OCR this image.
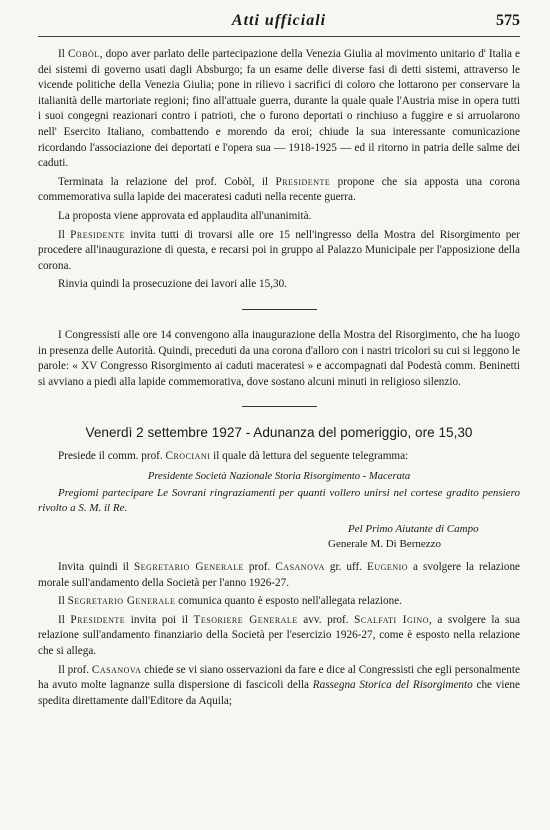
Atti ufficiali	575

Il Cobòl, dopo aver parlato delle partecipazione della Venezia Giulia al movimento unitario d' Italia e dei sistemi di governo usati dagli Absburgo; fa un esame delle diverse fasi di detti sistemi, attraverso le vicende politiche della Venezia Giulia; pone in rilievo i sacrifici di coloro che lottarono per conservare la italianità delle martoriate regioni; fino all'attuale guerra, durante la quale quale l'Austria mise in opera tutti i suoi congegni reazionari contro i patrioti, che o furono deportati o rinchiuso a fuggire e si arruolarono nell' Esercito Italiano, combattendo e morendo da eroi; chiude la sua interessante comunicazione ricordando l'associazione dei deportati e l'opera sua — 1918-1925 — ed il ritorno in patria delle salme dei caduti.

Terminata la relazione del prof. Cobòl, il Presidente propone che sia apposta una corona commemorativa sulla lapide dei maceratesi caduti nella recente guerra.

La proposta viene approvata ed applaudita all'unanimità.

Il Presidente invita tutti di trovarsi alle ore 15 nell'ingresso della Mostra del Risorgimento per procedere all'inaugurazione di questa, e recarsi poi in gruppo al Palazzo Municipale per l'apposizione della corona.

Rinvia quindi la prosecuzione dei lavori alle 15,30.

I Congressisti alle ore 14 convengono alla inaugurazione della Mostra del Risorgimento, che ha luogo in presenza delle Autorità. Quindi, preceduti da una corona d'alloro con i nastri tricolori su cui si leggono le parole: « XV Congresso Risorgimento ai caduti maceratesi » e accompagnati dal Podestà comm. Beninetti si avviano a piedi alla lapide commemorativa, dove sostano alcuni minuti in religioso silenzio.

Venerdì 2 settembre 1927 - Adunanza del pomeriggio, ore 15,30

Presiede il comm. prof. Crociani il quale dà lettura del seguente telegramma:

Presidente Società Nazionale Storia Risorgimento - Macerata

Pregiomi partecipare Le Sovrani ringraziamenti per quanti vollero unirsi nel cortese gradito pensiero rivolto a S. M. il Re.

Pel Primo Aiutante di Campo
Generale M. Di Bernezzo

Invita quindi il Segretario Generale prof. Casanova gr. uff. Eugenio a svolgere la relazione morale sull'andamento della Società per l'anno 1926-27.

Il Segretario Generale comunica quanto è esposto nell'allegata relazione.

Il Presidente invita poi il Tesoriere Generale avv. prof. Scalfati Igino, a svolgere la sua relazione sull'andamento finanziario della Società per l'esercizio 1926-27, come è esposto nella relazione che si allega.

Il prof. Casanova chiede se vi siano osservazioni da fare e dice al Congressisti che egli personalmente ha avuto molte lagnanze sulla dispersione di fascicoli della Rassegna Storica del Risorgimento che viene spedita direttamente dall'Editore da Aquila;
